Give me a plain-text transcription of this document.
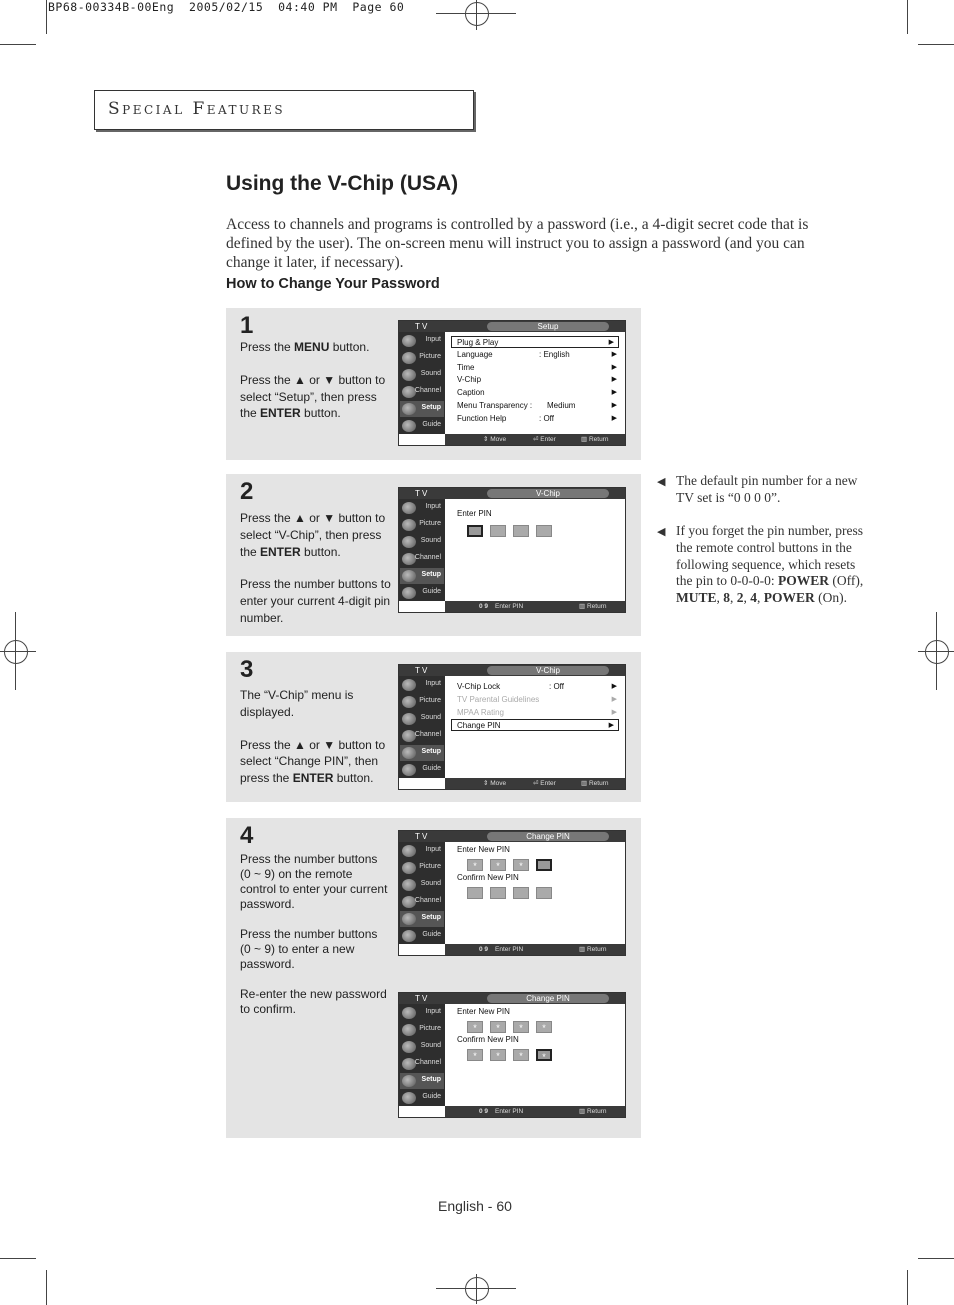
BP68-00334B-00Eng  2005/02/15  04:40 PM  Page 60
Special Features
Using the V-Chip (USA)
Access to channels and programs is controlled by a password (i.e., a 4-digit secret code that is defined by the user). The on-screen menu will instruct you to assign a password (and you can change it later, if necessary).
How to Change Your Password
1

Press the MENU button.

Press the ▲ or ▼ button to select “Setup”, then press the ENTER button.

T V	Setup
Input
Picture
Sound
Channel
Setup
Guide
Plug & Play	▶
Language	: English	▶
Time	▶
V-Chip	▶
Caption	▶
Menu Transparency : Medium	▶
Function Help	: Off	▶
⇕ Move	⏎ Enter	▥ Return
2

Press the ▲ or ▼ button to select “V-Chip”, then press the ENTER button.

Press the number buttons to enter your current 4-digit pin number.

T V	V-Chip
Input
Picture
Sound
Channel
Setup
Guide
Enter PIN
0 9 Enter PIN	▥ Return
3

The “V-Chip” menu is displayed.

Press the ▲ or ▼ button to select “Change PIN”, then press the ENTER button.

T V	V-Chip
Input
Picture
Sound
Channel
Setup
Guide
V-Chip Lock	: Off	▶
TV Parental Guidelines	▶
MPAA Rating	▶
Change PIN	▶
⇕ Move	⏎ Enter	▥ Return
4

Press the number buttons (0 ~ 9) on the remote control to enter your current password.

Press the number buttons (0 ~ 9) to enter a new password.

Re-enter the new password to confirm.

T V	Change PIN
Input
Picture
Sound
Channel
Setup
Guide
Enter New PIN
*	*	*
Confirm New PIN
0 9 Enter PIN	▥ Return
T V	Change PIN
Input
Picture
Sound
Channel
Setup
Guide
Enter New PIN
*	*	*	*
Confirm New PIN
*	*	*	*
0 9 Enter PIN	▥ Return
◀ The default pin number for a new TV set is “0 0 0 0”.
◀ If you forget the pin number, press the remote control buttons in the following sequence, which resets the pin to 0-0-0-0: POWER (Off), MUTE, 8, 2, 4, POWER (On).
English - 60
